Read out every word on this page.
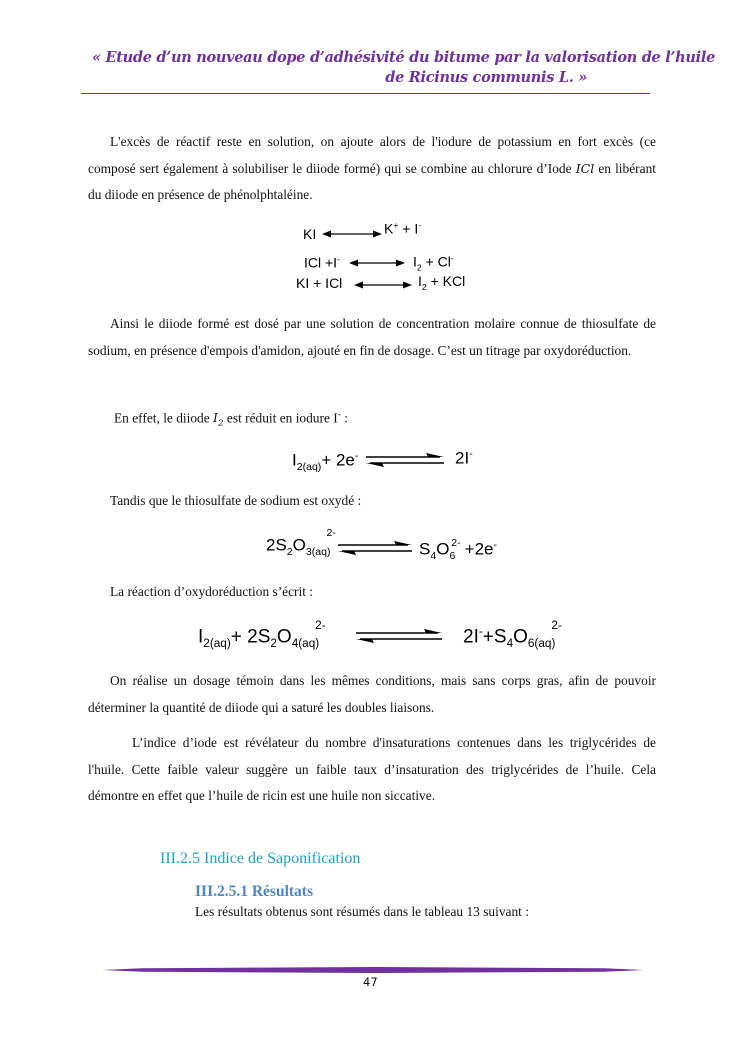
« Etude d’un nouveau dope d’adhésivité du bitume par la valorisation de l’huile
de Ricinus communis L. »
L'excès de réactif reste en solution, on ajoute alors de l'iodure de potassium en fort excès (ce composé sert également à solubiliser le diiode formé) qui se combine au chlorure d’Iode ICl en libérant du diiode en présence de phénolphtaléine.
KI	K+ + I-
ICl +I-	$I_2 + Cl^-$
KI + ICl	$I_2$ + KCl
Ainsi le diiode formé est dosé par une solution de concentration molaire connue de thiosulfate de sodium, en présence d'empois d'amidon, ajouté en fin de dosage. C’est un titrage par oxydoréduction.
En effet, le diiode $I_2$ est réduit en iodure I- :
$I_{2(aq)}+ 2e^-$	2I-
Tandis que le thiosulfate de sodium est oxydé :
$2S_2O_{3(aq)}^{2-}$
$S_4O_6^{2-} +2e^-$
La réaction d’oxydoréduction s’écrit :
$I_{2(aq)}+ 2S_2O_{4(aq)}^{2-}$
$2I^-+S_4O_{6(aq)}^{2-}$
On réalise un dosage témoin dans les mêmes conditions, mais sans corps gras, afin de pouvoir déterminer la quantité de diiode qui a saturé les doubles liaisons.
L’indice d’iode est révélateur du nombre d'insaturations contenues dans les triglycérides de l'huile. Cette faible valeur suggère un faible taux d’insaturation des triglycérides de l’huile. Cela démontre en effet que l’huile de ricin est une huile non siccative.
III.2.5 Indice de Saponification
III.2.5.1 Résultats
Les résultats obtenus sont résumés dans le tableau 13 suivant :
47
